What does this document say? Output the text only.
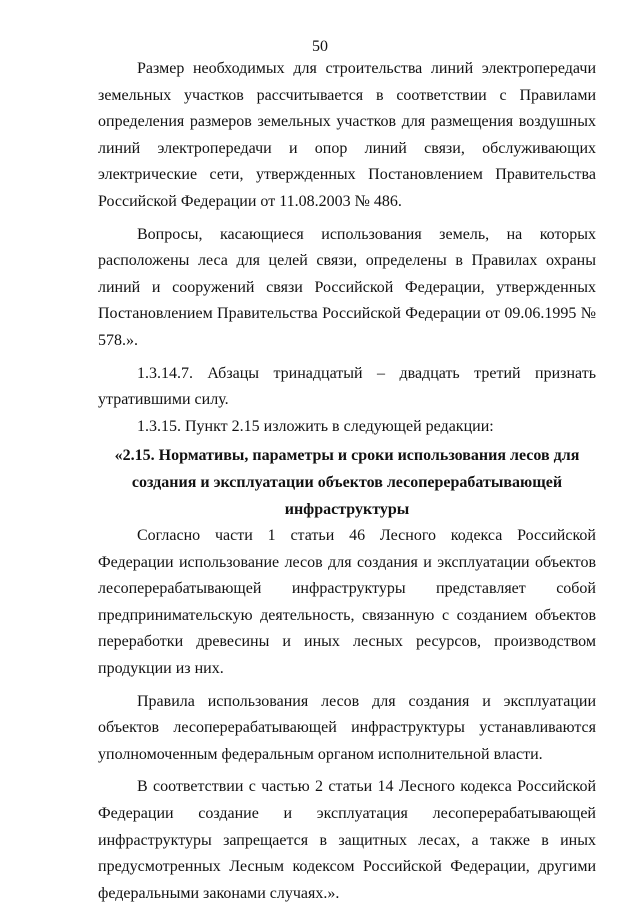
50

Размер необходимых для строительства линий электропередачи земельных участков рассчитывается в соответствии с Правилами определения размеров земельных участков для размещения воздушных линий электропередачи и опор линий связи, обслуживающих электрические сети, утвержденных Постановлением Правительства Российской Федерации от 11.08.2003 № 486.

Вопросы, касающиеся использования земель, на которых расположены леса для целей связи, определены в Правилах охраны линий и сооружений связи Российской Федерации, утвержденных Постановлением Правительства Российской Федерации от 09.06.1995 № 578.».

1.3.14.7. Абзацы тринадцатый – двадцать третий признать утратившими силу.

1.3.15. Пункт 2.15 изложить в следующей редакции:

«2.15. Нормативы, параметры и сроки использования лесов для
создания и эксплуатации объектов лесоперерабатывающей
инфраструктуры

Согласно части 1 статьи 46 Лесного кодекса Российской Федерации использование лесов для создания и эксплуатации объектов лесоперерабатывающей инфраструктуры представляет собой предпринимательскую деятельность, связанную с созданием объектов переработки древесины и иных лесных ресурсов, производством продукции из них.

Правила использования лесов для создания и эксплуатации объектов лесоперерабатывающей инфраструктуры устанавливаются уполномоченным федеральным органом исполнительной власти.

В соответствии с частью 2 статьи 14 Лесного кодекса Российской Федерации создание и эксплуатация лесоперерабатывающей инфраструктуры запрещается в защитных лесах, а также в иных предусмотренных Лесным кодексом Российской Федерации, другими федеральными законами случаях.».
